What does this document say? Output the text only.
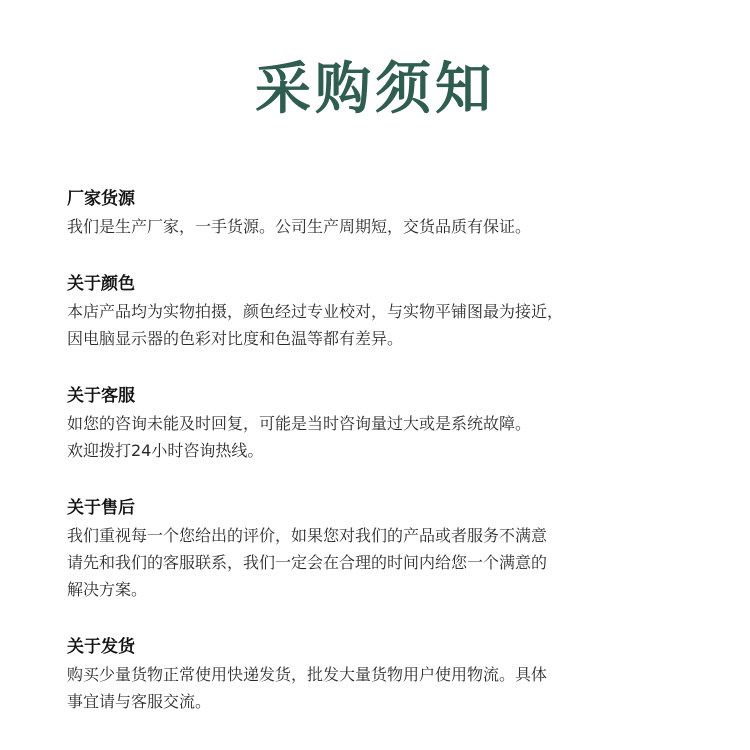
采购须知
厂家货源
我们是生产厂家，一手货源。公司生产周期短，交货品质有保证。
关于颜色
本店产品均为实物拍摄，颜色经过专业校对，与实物平铺图最为接近，
因电脑显示器的色彩对比度和色温等都有差异。
关于客服
如您的咨询未能及时回复，可能是当时咨询量过大或是系统故障。
欢迎拨打24小时咨询热线。
关于售后
我们重视每一个您给出的评价，如果您对我们的产品或者服务不满意
请先和我们的客服联系，我们一定会在合理的时间内给您一个满意的
解决方案。
关于发货
购买少量货物正常使用快递发货，批发大量货物用户使用物流。具体
事宜请与客服交流。
